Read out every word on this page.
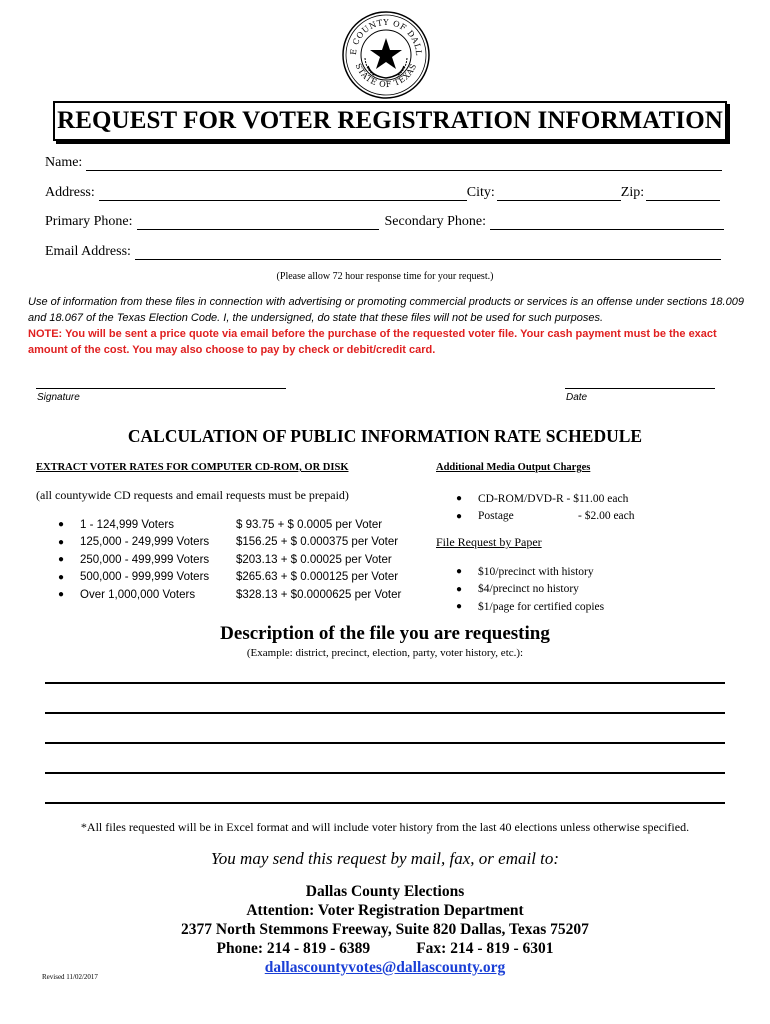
E COUNTY OF DALL
STATE OF TEXAS
REQUEST FOR VOTER REGISTRATION INFORMATION
Name:
Address:	City:	Zip:
Primary Phone:	Secondary Phone:
Email Address:
(Please allow 72 hour response time for your request.)
Use of information from these files in connection with advertising or promoting commercial products or services is an offense under sections 18.009 and 18.067 of the Texas Election Code. I, the undersigned, do state that these files will not be used for such purposes.
NOTE: You will be sent a price quote via email before the purchase of the requested voter file. Your cash payment must be the exact amount of the cost. You may also choose to pay by check or debit/credit card.
Signature	Date
CALCULATION OF PUBLIC INFORMATION RATE SCHEDULE
EXTRACT VOTER RATES FOR COMPUTER CD-ROM, OR DISK	Additional Media Output Charges
(all countywide CD requests and email requests must be prepaid)
●	1 - 124,999 Voters	$ 93.75 + $ 0.0005 per Voter
●	125,000 - 249,999 Voters	$156.25 + $ 0.000375 per Voter
●	250,000 - 499,999 Voters	$203.13 + $ 0.00025 per Voter
●	500,000 - 999,999 Voters	$265.63 + $ 0.000125 per Voter
●	Over 1,000,000 Voters	$328.13 + $0.0000625 per Voter
●	CD-ROM/DVD-R - $11.00 each
●	Postage	- $2.00 each
File Request by Paper
●	$10/precinct with history
●	$4/precinct no history
●	$1/page for certified copies
Description of the file you are requesting
(Example: district, precinct, election, party, voter history, etc.):
*All files requested will be in Excel format and will include voter history from the last 40 elections unless otherwise specified.
You may send this request by mail, fax, or email to:
Dallas County Elections
Attention: Voter Registration Department
2377 North Stemmons Freeway, Suite 820 Dallas, Texas 75207
Phone: 214 - 819 - 6389	Fax: 214 - 819 - 6301
dallascountyvotes@dallascounty.org
Revised 11/02/2017
